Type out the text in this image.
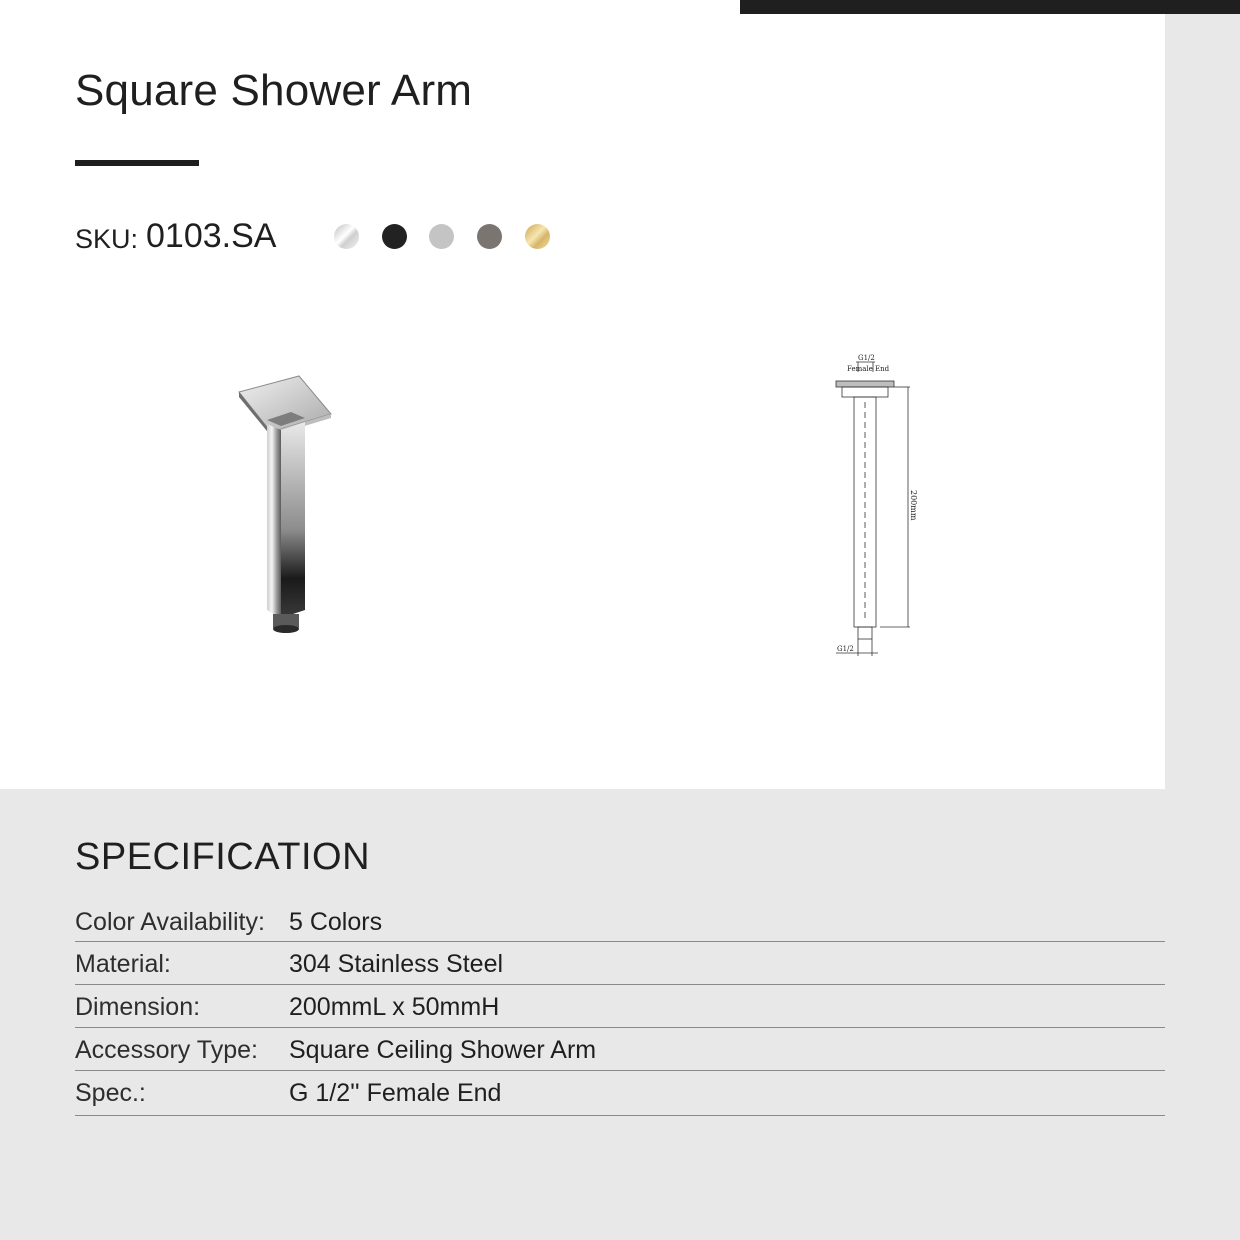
Square Shower Arm
SKU: 0103.SA
G1/2
Female End
200mm
G1/2
SPECIFICATION
Color Availability: 5 Colors
Material:	304 Stainless Steel
Dimension:	200mmL x 50mmH
Accessory Type: Square Ceiling Shower Arm
Spec.:	G 1/2'' Female End
